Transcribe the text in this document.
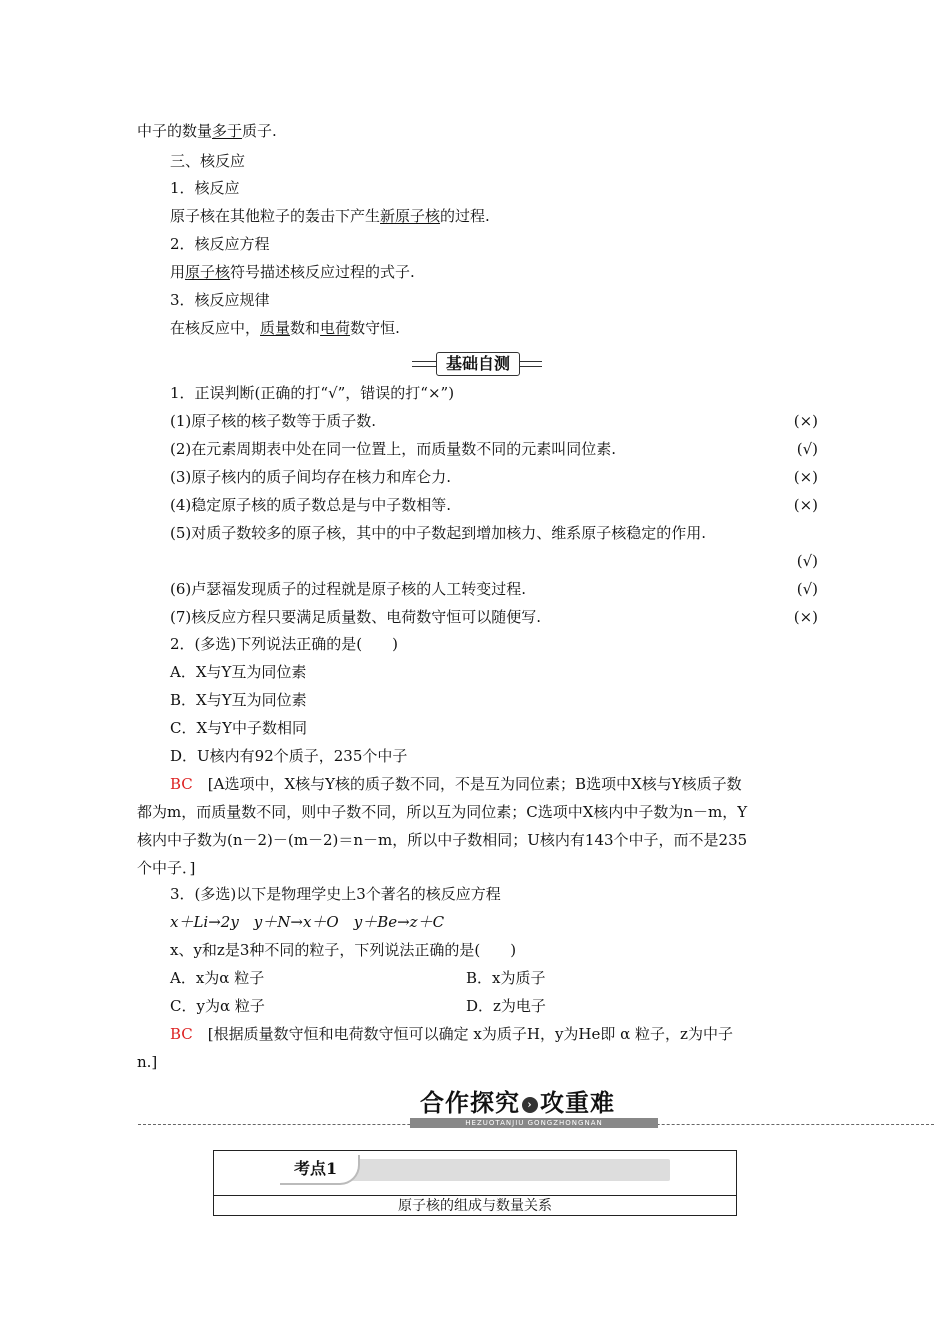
中子的数量多于质子.
三、核反应
1．核反应
原子核在其他粒子的轰击下产生新原子核的过程.
2．核反应方程
用原子核符号描述核反应过程的式子.
3．核反应规律
在核反应中，质量数和电荷数守恒.
基础自测
1．正误判断(正确的打“√”，错误的打“×”)
(1)原子核的核子数等于质子数.	(×)
(2)在元素周期表中处在同一位置上，而质量数不同的元素叫同位素.	(√)
(3)原子核内的质子间均存在核力和库仑力.	(×)
(4)稳定原子核的质子数总是与中子数相等.	(×)
(5)对质子数较多的原子核，其中的中子数起到增加核力、维系原子核稳定的作用.
(√)
(6)卢瑟福发现质子的过程就是原子核的人工转变过程.	(√)
(7)核反应方程只要满足质量数、电荷数守恒可以随便写.	(×)
2．(多选)下列说法正确的是(　　)
A．X与Y互为同位素
B．X与Y互为同位素
C．X与Y中子数相同
D．U核内有92个质子，235个中子
BC　[A选项中，X核与Y核的质子数不同，不是互为同位素；B选项中X核与Y核质子数
都为m，而质量数不同，则中子数不同，所以互为同位素；C选项中X核内中子数为n－m，Y
核内中子数为(n－2)－(m－2)＝n－m，所以中子数相同；U核内有143个中子，而不是235
个中子．]
3．(多选)以下是物理学史上3个著名的核反应方程
x＋Li→2y　y＋N→x＋O　y＋Be→z＋C
x、y和z是3种不同的粒子，下列说法正确的是(　　)
A．x为α 粒子	B．x为质子
C．y为α 粒子	D．z为电子
BC　[根据质量数守恒和电荷数守恒可以确定 x为质子H，y为He即 α 粒子，z为中子
n.]
合作探究 › 攻重难
HEZUOTANJIU GONGZHONGNAN
考点1
原子核的组成与数量关系
